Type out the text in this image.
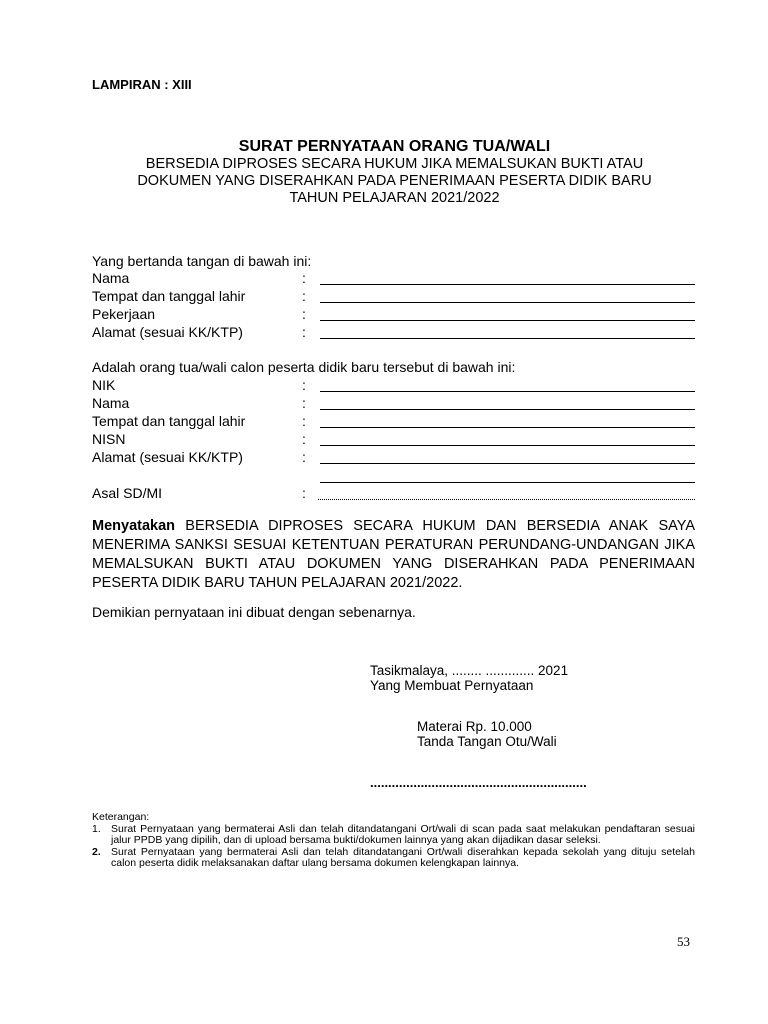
LAMPIRAN : XIII
SURAT PERNYATAAN ORANG TUA/WALI
BERSEDIA DIPROSES SECARA HUKUM JIKA MEMALSUKAN BUKTI ATAU
DOKUMEN YANG DISERAHKAN PADA PENERIMAAN PESERTA DIDIK BARU
TAHUN PELAJARAN 2021/2022
Yang bertanda tangan di bawah ini:
Nama	:
Tempat dan tanggal lahir	:
Pekerjaan	:
Alamat (sesuai KK/KTP)	:
Adalah orang tua/wali calon peserta didik baru tersebut di bawah ini:
NIK	:
Nama	:
Tempat dan tanggal lahir	:
NISN	:
Alamat (sesuai KK/KTP)	:
Asal SD/MI	:
Menyatakan BERSEDIA DIPROSES SECARA HUKUM DAN BERSEDIA ANAK SAYA MENERIMA SANKSI SESUAI KETENTUAN PERATURAN PERUNDANG-UNDANGAN JIKA MEMALSUKAN BUKTI ATAU DOKUMEN YANG DISERAHKAN PADA PENERIMAAN PESERTA DIDIK BARU TAHUN PELAJARAN 2021/2022.
Demikian pernyataan ini dibuat dengan sebenarnya.
Tasikmalaya, ........ ............. 2021
Yang Membuat Pernyataan
Materai Rp. 10.000
Tanda Tangan Otu/Wali
............................................................
Keterangan:
1. Surat Pernyataan yang bermaterai Asli dan telah ditandatangani Ort/wali di scan pada saat melakukan pendaftaran sesuai jalur PPDB yang dipilih, dan di upload bersama bukti/dokumen lainnya yang akan dijadikan dasar seleksi.
2. Surat Pernyataan yang bermaterai Asli dan telah ditandatangani Ort/wali diserahkan kepada sekolah yang dituju setelah calon peserta didik melaksanakan daftar ulang bersama dokumen kelengkapan lainnya.
53
